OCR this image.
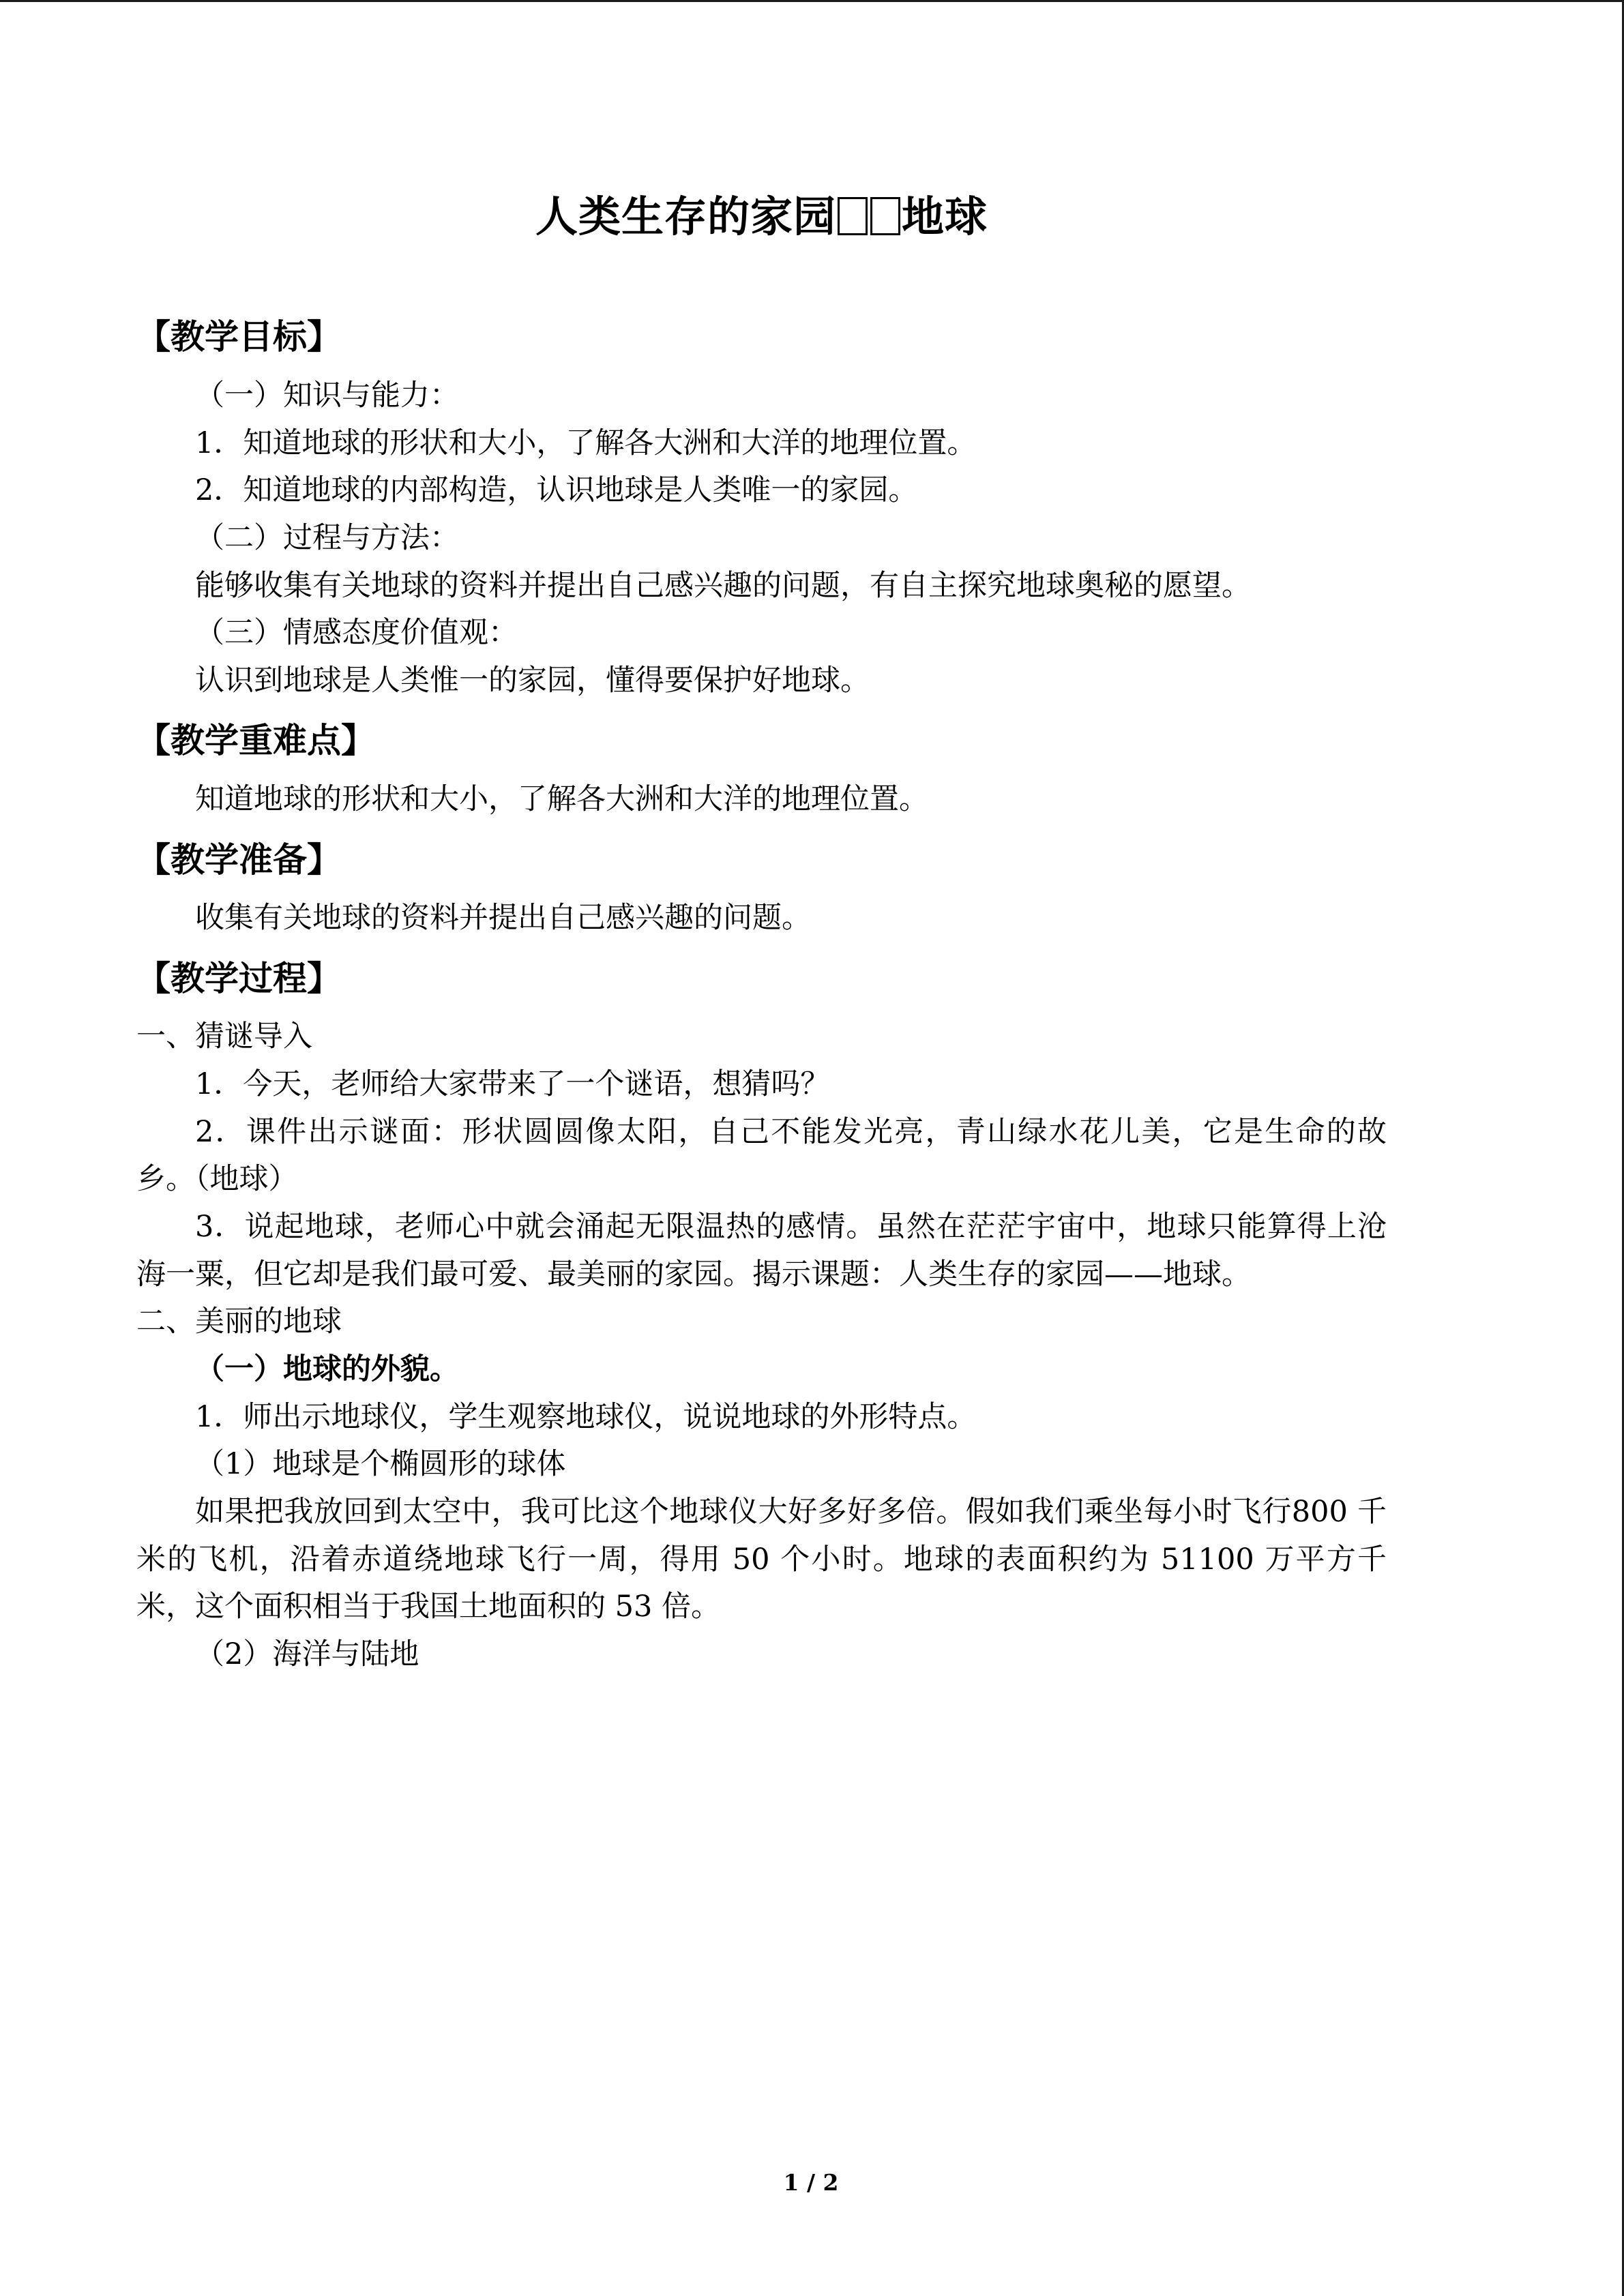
人类生存的家园 地球
【教学目标】

（一）知识与能力：

1．知道地球的形状和大小，了解各大洲和大洋的地理位置。

2．知道地球的内部构造，认识地球是人类唯一的家园。

（二）过程与方法：

能够收集有关地球的资料并提出自己感兴趣的问题，有自主探究地球奥秘的愿望。

（三）情感态度价值观：

认识到地球是人类惟一的家园，懂得要保护好地球。

【教学重难点】

知道地球的形状和大小，了解各大洲和大洋的地理位置。

【教学准备】

收集有关地球的资料并提出自己感兴趣的问题。

【教学过程】

一、猜谜导入

1．今天，老师给大家带来了一个谜语，想猜吗？

2．课件出示谜面：形状圆圆像太阳，自己不能发光亮，青山绿水花儿美，它是生命的故乡。（地球）

3．说起地球，老师心中就会涌起无限温热的感情。虽然在茫茫宇宙中，地球只能算得上沧海一粟，但它却是我们最可爱、最美丽的家园。揭示课题：人类生存的家园——地球。

二、美丽的地球

（一）地球的外貌。

1．师出示地球仪，学生观察地球仪，说说地球的外形特点。

（1）地球是个椭圆形的球体

如果把我放回到太空中，我可比这个地球仪大好多好多倍。假如我们乘坐每小时飞行800 千米的飞机，沿着赤道绕地球飞行一周，得用 50 个小时。地球的表面积约为 51100 万平方千米，这个面积相当于我国土地面积的 53 倍。

（2）海洋与陆地

1 / 2
